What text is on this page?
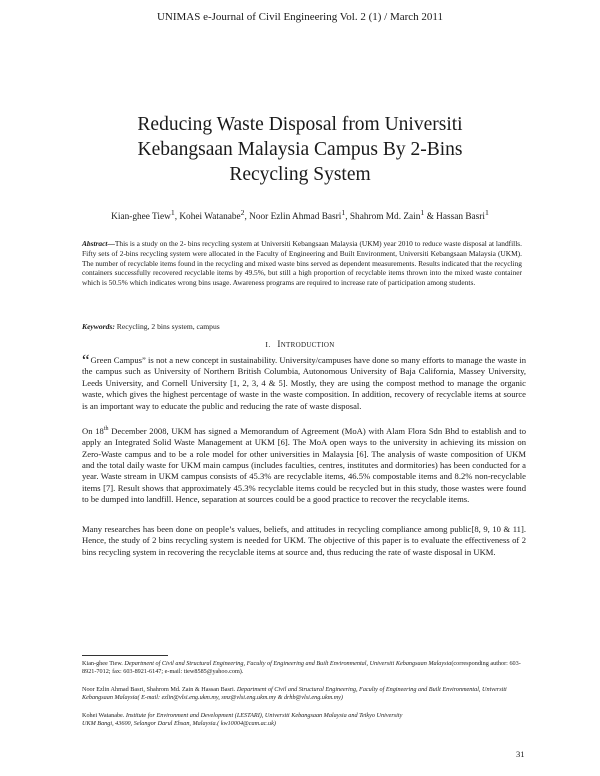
UNIMAS e-Journal of Civil Engineering Vol. 2 (1) / March 2011
Reducing Waste Disposal from Universiti
Kebangsaan Malaysia Campus By 2-Bins
Recycling System
Kian-ghee Tiew$^1$, Kohei Watanabe$^2$, Noor Ezlin Ahmad Basri$^1$, Shahrom Md. Zain$^1$ & Hassan Basri$^1$
Abstract—This is a study on the 2- bins recycling system at Universiti Kebangsaan Malaysia (UKM) year 2010 to reduce waste disposal at landfills. Fifty sets of 2-bins recycling system were allocated in the Faculty of Engineering and Built Environment, Universiti Kebangsaan Malaysia (UKM). The number of recyclable items found in the recycling and mixed waste bins served as dependent measurements. Results indicated that the recycling containers successfully recovered recyclable items by 49.5%, but still a high proportion of recyclable items thrown into the mixed waste container which is 50.5% which indicates wrong bins usage. Awareness programs are required to increase rate of participation among students.
Keywords: Recycling, 2 bins system, campus
I. INTRODUCTION
“Green Campus” is not a new concept in sustainability. University/campuses have done so many efforts to manage the waste in the campus such as University of Northern British Columbia, Autonomous University of Baja California, Massey University, Leeds University, and Cornell University [1, 2, 3, 4 & 5]. Mostly, they are using the compost method to manage the organic waste, which gives the highest percentage of waste in the waste composition. In addition, recovery of recyclable items at source is an important way to educate the public and reducing the rate of waste disposal.
On 18th December 2008, UKM has signed a Memorandum of Agreement (MoA) with Alam Flora Sdn Bhd to establish and to apply an Integrated Solid Waste Management at UKM [6]. The MoA open ways to the university in achieving its mission on Zero-Waste campus and to be a role model for other universities in Malaysia [6]. The analysis of waste composition of UKM and the total daily waste for UKM main campus (includes faculties, centres, institutes and dormitories) has been conducted for a year. Waste stream in UKM campus consists of 45.3% are recyclable items, 46.5% compostable items and 8.2% non-recyclable items [7]. Result shows that approximately 45.3% recyclable items could be recycled but in this study, those wastes were found to be dumped into landfill. Hence, separation at sources could be a good practice to recover the recyclable items.
Many researches has been done on people’s values, beliefs, and attitudes in recycling compliance among public[8, 9, 10 & 11]. Hence, the study of 2 bins recycling system is needed for UKM. The objective of this paper is to evaluate the effectiveness of 2 bins recycling system in recovering the recyclable items at source and, thus reducing the rate of waste disposal in UKM.
Kian-ghee Tiew. Department of Civil and Structural Engineering, Faculty of Engineering and Built Environmental, Universiti Kebangsaan Malaysia(corresponding author: 603-8921-7012; fax: 603-8921-6147; e-mail: tiew8585@yahoo.com).
Noor Ezlin Ahmad Basri, Shahrom Md. Zain & Hassan Basri. Department of Civil and Structural Engineering, Faculty of Engineering and Built Environmental, Universiti Kebangsaan Malaysia( E-mail: ezlin@vlsi.eng.ukm.my, smz@vlsi.eng.ukm.my & drhb@vlsi.eng.ukm.my)
Kohei Watanabe. Institute for Environment and Development (LESTARI), Universiti Kebangsaan Malaysia and Teikyo University
UKM Bangi, 43600, Selangor Darul Ehsan, Malaysia.( kw10004@cam.ac.uk)
31
